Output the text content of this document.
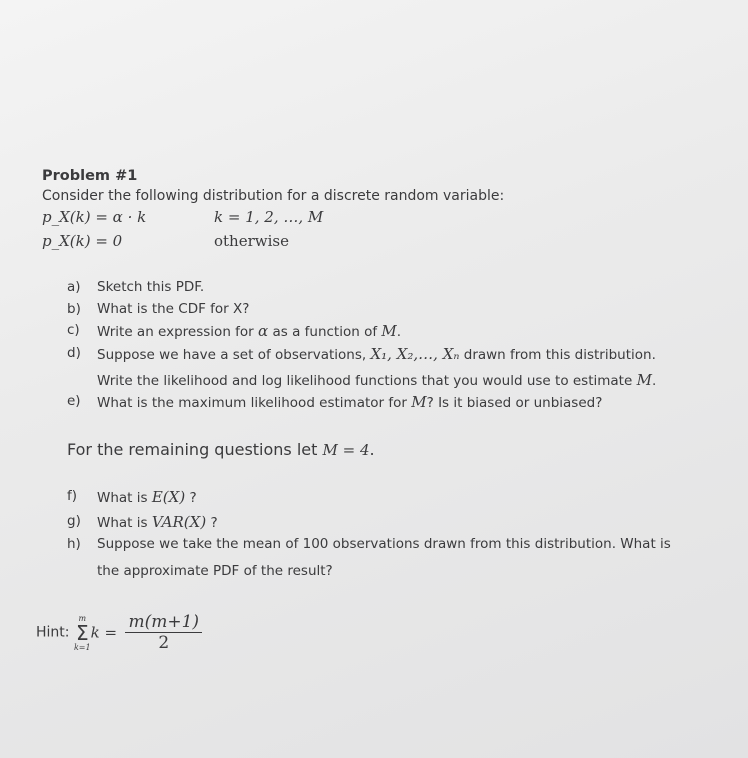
Problem #1
Consider the following distribution for a discrete random variable:
p_X(k) = α · k	k = 1, 2, …, M
p_X(k) = 0	otherwise
a) Sketch this PDF.
b) What is the CDF for X?
c) Write an expression for α as a function of M.
d) Suppose we have a set of observations, X₁, X₂,…, Xₙ drawn from this distribution.
Write the likelihood and log likelihood functions that you would use to estimate M.
e) What is the maximum likelihood estimator for M? Is it biased or unbiased?
For the remaining questions let M = 4.
f) What is E(X) ?
g) What is VAR(X) ?
h) Suppose we take the mean of 100 observations drawn from this distribution. What is
the approximate PDF of the result?
Hint:
m
Σ
k=1
$k = \frac{m(m+1)}{2}$
